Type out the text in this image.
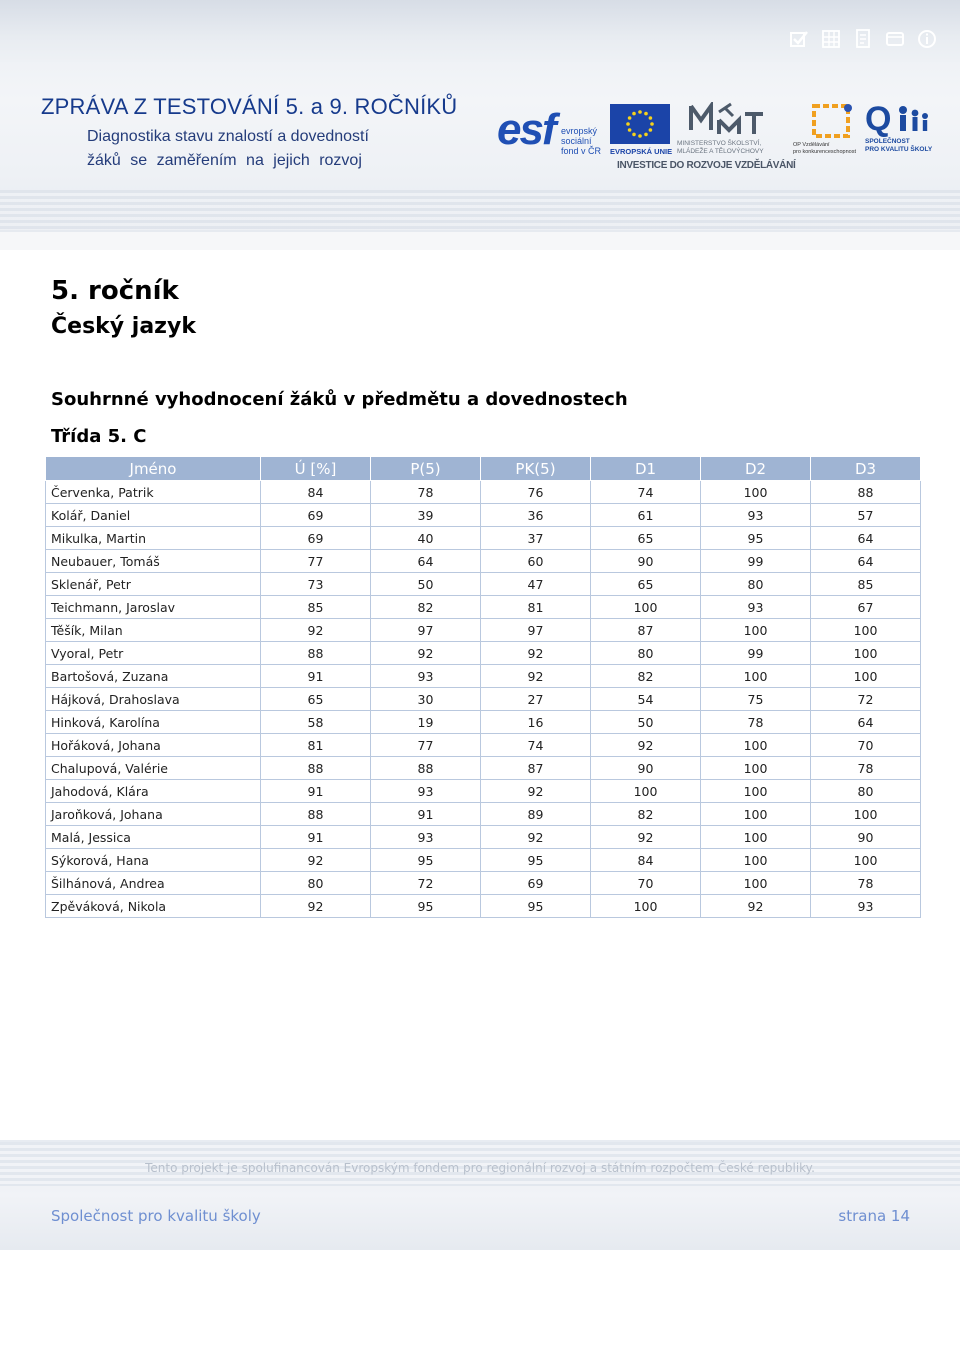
ZPRÁVA Z TESTOVÁNÍ 5. a 9. ROČNÍKŮ
Diagnostika stavu znalostí a dovedností
žáků se zaměřením na jejich rozvoj
esf evropský sociální fond v ČR	EVROPSKÁ UNIE
MINISTERSTVO ŠKOLSTVÍ,
MLÁDEŽE A TĚLOVÝCHOVY
OP Vzdělávání
pro konkurenceschopnost
Q
SPOLEČNOST
PRO KVALITU ŠKOLY
INVESTICE DO ROZVOJE VZDĚLÁVÁNÍ
5. ročník
Český jazyk
Souhrnné vyhodnocení žáků v předmětu a dovednostech
Třída 5. C
Jméno	Ú [%]	P(5)	PK(5)	D1	D2	D3
Červenka, Patrik	84	78	76	74	100	88
Kolář, Daniel	69	39	36	61	93	57
Mikulka, Martin	69	40	37	65	95	64
Neubauer, Tomáš	77	64	60	90	99	64
Sklenář, Petr	73	50	47	65	80	85
Teichmann, Jaroslav	85	82	81	100	93	67
Těšík, Milan	92	97	97	87	100	100
Vyoral, Petr	88	92	92	80	99	100
Bartošová, Zuzana	91	93	92	82	100	100
Hájková, Drahoslava	65	30	27	54	75	72
Hinková, Karolína	58	19	16	50	78	64
Hořáková, Johana	81	77	74	92	100	70
Chalupová, Valérie	88	88	87	90	100	78
Jahodová, Klára	91	93	92	100	100	80
Jaroňková, Johana	88	91	89	82	100	100
Malá, Jessica	91	93	92	92	100	90
Sýkorová, Hana	92	95	95	84	100	100
Šilhánová, Andrea	80	72	69	70	100	78
Zpěváková, Nikola	92	95	95	100	92	93
Tento projekt je spolufinancován Evropským fondem pro regionální rozvoj a státním rozpočtem České republiky.
Společnost pro kvalitu školy	strana 14
